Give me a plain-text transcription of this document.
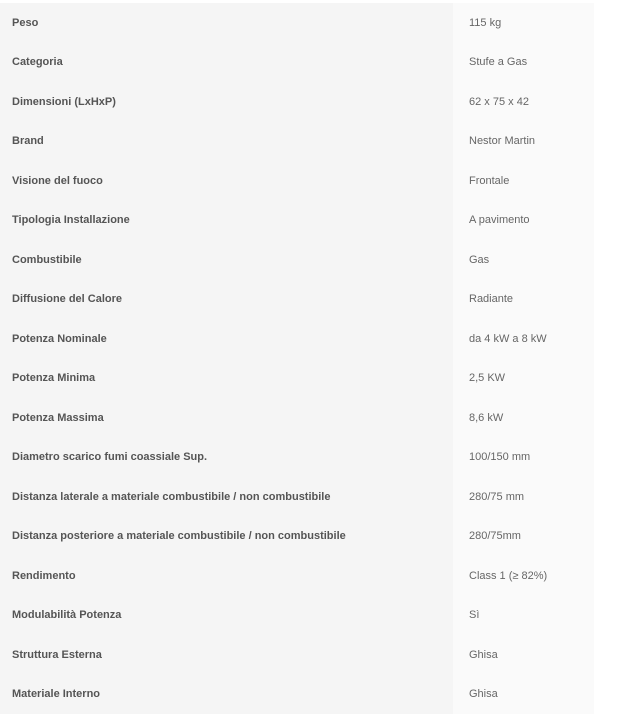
Peso	115 kg
Categoria	Stufe a Gas
Dimensioni (LxHxP)	62 x 75 x 42
Brand	Nestor Martin
Visione del fuoco	Frontale
Tipologia Installazione	A pavimento
Combustibile	Gas
Diffusione del Calore	Radiante
Potenza Nominale	da 4 kW a 8 kW
Potenza Minima	2,5 KW
Potenza Massima	8,6 kW
Diametro scarico fumi coassiale Sup.	100/150 mm
Distanza laterale a materiale combustibile / non combustibile	280/75 mm
Distanza posteriore a materiale combustibile / non combustibile	280/75mm
Rendimento	Class 1 (≥ 82%)
Modulabilità Potenza	Sì
Struttura Esterna	Ghisa
Materiale Interno	Ghisa
